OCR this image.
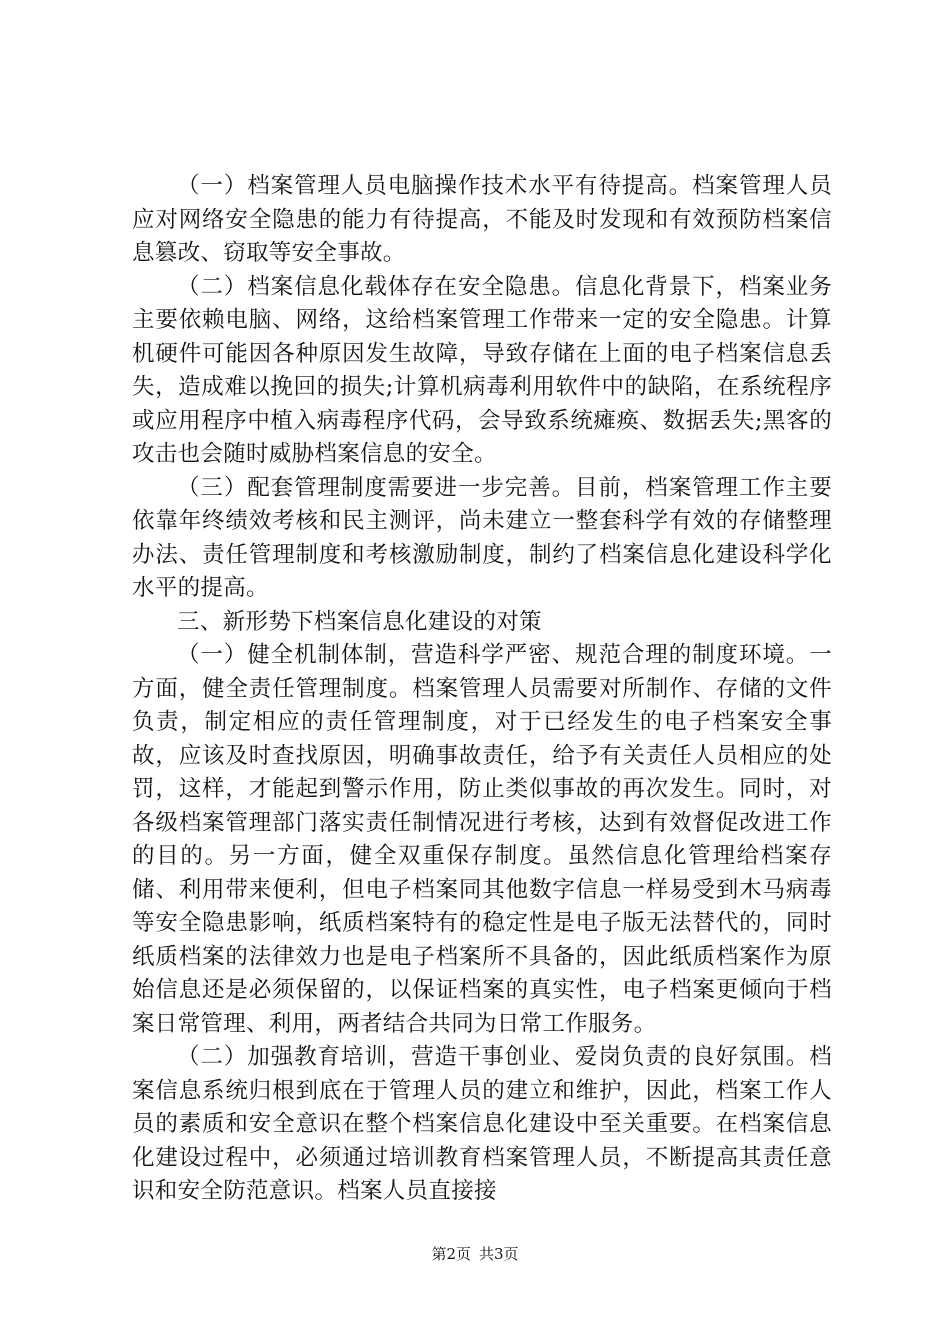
（一）档案管理人员电脑操作技术水平有待提高。档案管理人员应对网络安全隐患的能力有待提高，不能及时发现和有效预防档案信息篡改、窃取等安全事故。

（二）档案信息化载体存在安全隐患。信息化背景下，档案业务主要依赖电脑、网络，这给档案管理工作带来一定的安全隐患。计算机硬件可能因各种原因发生故障，导致存储在上面的电子档案信息丢失，造成难以挽回的损失;计算机病毒利用软件中的缺陷，在系统程序或应用程序中植入病毒程序代码，会导致系统瘫痪、数据丢失;黑客的攻击也会随时威胁档案信息的安全。

（三）配套管理制度需要进一步完善。目前，档案管理工作主要依靠年终绩效考核和民主测评，尚未建立一整套科学有效的存储整理办法、责任管理制度和考核激励制度，制约了档案信息化建设科学化水平的提高。

三、新形势下档案信息化建设的对策

（一）健全机制体制，营造科学严密、规范合理的制度环境。一方面，健全责任管理制度。档案管理人员需要对所制作、存储的文件负责，制定相应的责任管理制度，对于已经发生的电子档案安全事故，应该及时查找原因，明确事故责任，给予有关责任人员相应的处罚，这样，才能起到警示作用，防止类似事故的再次发生。同时，对各级档案管理部门落实责任制情况进行考核，达到有效督促改进工作的目的。另一方面，健全双重保存制度。虽然信息化管理给档案存储、利用带来便利，但电子档案同其他数字信息一样易受到木马病毒等安全隐患影响，纸质档案特有的稳定性是电子版无法替代的，同时纸质档案的法律效力也是电子档案所不具备的，因此纸质档案作为原始信息还是必须保留的，以保证档案的真实性，电子档案更倾向于档案日常管理、利用，两者结合共同为日常工作服务。

（二）加强教育培训，营造干事创业、爱岗负责的良好氛围。档案信息系统归根到底在于管理人员的建立和维护，因此，档案工作人员的素质和安全意识在整个档案信息化建设中至关重要。在档案信息化建设过程中，必须通过培训教育档案管理人员，不断提高其责任意识和安全防范意识。档案人员直接接

第2页 共3页
